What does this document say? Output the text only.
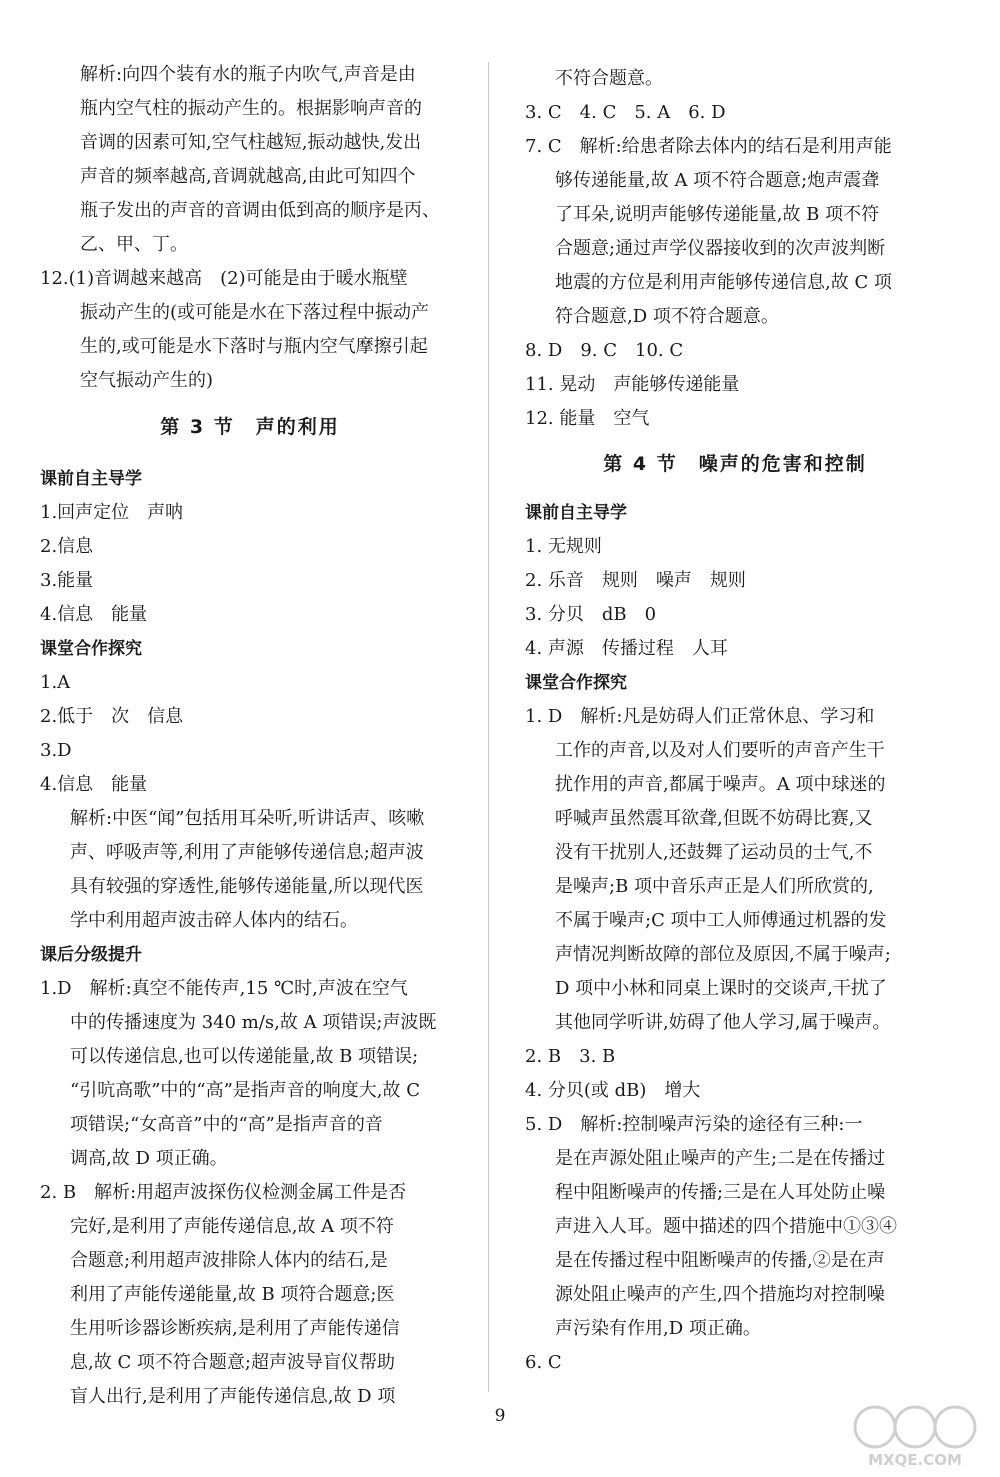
解析:向四个装有水的瓶子内吹气,声音是由
瓶内空气柱的振动产生的。根据影响声音的
音调的因素可知,空气柱越短,振动越快,发出
声音的频率越高,音调就越高,由此可知四个
瓶子发出的声音的音调由低到高的顺序是丙、
乙、甲、丁。
12.(1)音调越来越高　(2)可能是由于暖水瓶壁
振动产生的(或可能是水在下落过程中振动产
生的,或可能是水下落时与瓶内空气摩擦引起
空气振动产生的)
第 3 节　声的利用
课前自主导学
1.回声定位　声呐
2.信息
3.能量
4.信息　能量
课堂合作探究
1.A
2.低于　次　信息
3.D
4.信息　能量
解析:中医“闻”包括用耳朵听,听讲话声、咳嗽
声、呼吸声等,利用了声能够传递信息;超声波
具有较强的穿透性,能够传递能量,所以现代医
学中利用超声波击碎人体内的结石。
课后分级提升
1.D　解析:真空不能传声,15 ℃时,声波在空气
中的传播速度为 340 m/s,故 A 项错误;声波既
可以传递信息,也可以传递能量,故 B 项错误;
“引吭高歌”中的“高”是指声音的响度大,故 C
项错误;“女高音”中的“高”是指声音的音
调高,故 D 项正确。
2. B　解析:用超声波探伤仪检测金属工件是否
完好,是利用了声能传递信息,故 A 项不符
合题意;利用超声波排除人体内的结石,是
利用了声能传递能量,故 B 项符合题意;医
生用听诊器诊断疾病,是利用了声能传递信
息,故 C 项不符合题意;超声波导盲仪帮助
盲人出行,是利用了声能传递信息,故 D 项
不符合题意。
3. C　4. C　5. A　6. D
7. C　解析:给患者除去体内的结石是利用声能
够传递能量,故 A 项不符合题意;炮声震聋
了耳朵,说明声能够传递能量,故 B 项不符
合题意;通过声学仪器接收到的次声波判断
地震的方位是利用声能够传递信息,故 C 项
符合题意,D 项不符合题意。
8. D　9. C　10. C
11. 晃动　声能够传递能量
12. 能量　空气
第 4 节　噪声的危害和控制
课前自主导学
1. 无规则
2. 乐音　规则　噪声　规则
3. 分贝　dB　0
4. 声源　传播过程　人耳
课堂合作探究
1. D　解析:凡是妨碍人们正常休息、学习和
工作的声音,以及对人们要听的声音产生干
扰作用的声音,都属于噪声。A 项中球迷的
呼喊声虽然震耳欲聋,但既不妨碍比赛,又
没有干扰别人,还鼓舞了运动员的士气,不
是噪声;B 项中音乐声正是人们所欣赏的,
不属于噪声;C 项中工人师傅通过机器的发
声情况判断故障的部位及原因,不属于噪声;
D 项中小林和同桌上课时的交谈声,干扰了
其他同学听讲,妨碍了他人学习,属于噪声。
2. B　3. B
4. 分贝(或 dB)　增大
5. D　解析:控制噪声污染的途径有三种:一
是在声源处阻止噪声的产生;二是在传播过
程中阻断噪声的传播;三是在人耳处防止噪
声进入人耳。题中描述的四个措施中①③④
是在传播过程中阻断噪声的传播,②是在声
源处阻止噪声的产生,四个措施均对控制噪
声污染有作用,D 项正确。
6. C
9
MXQE.COM
